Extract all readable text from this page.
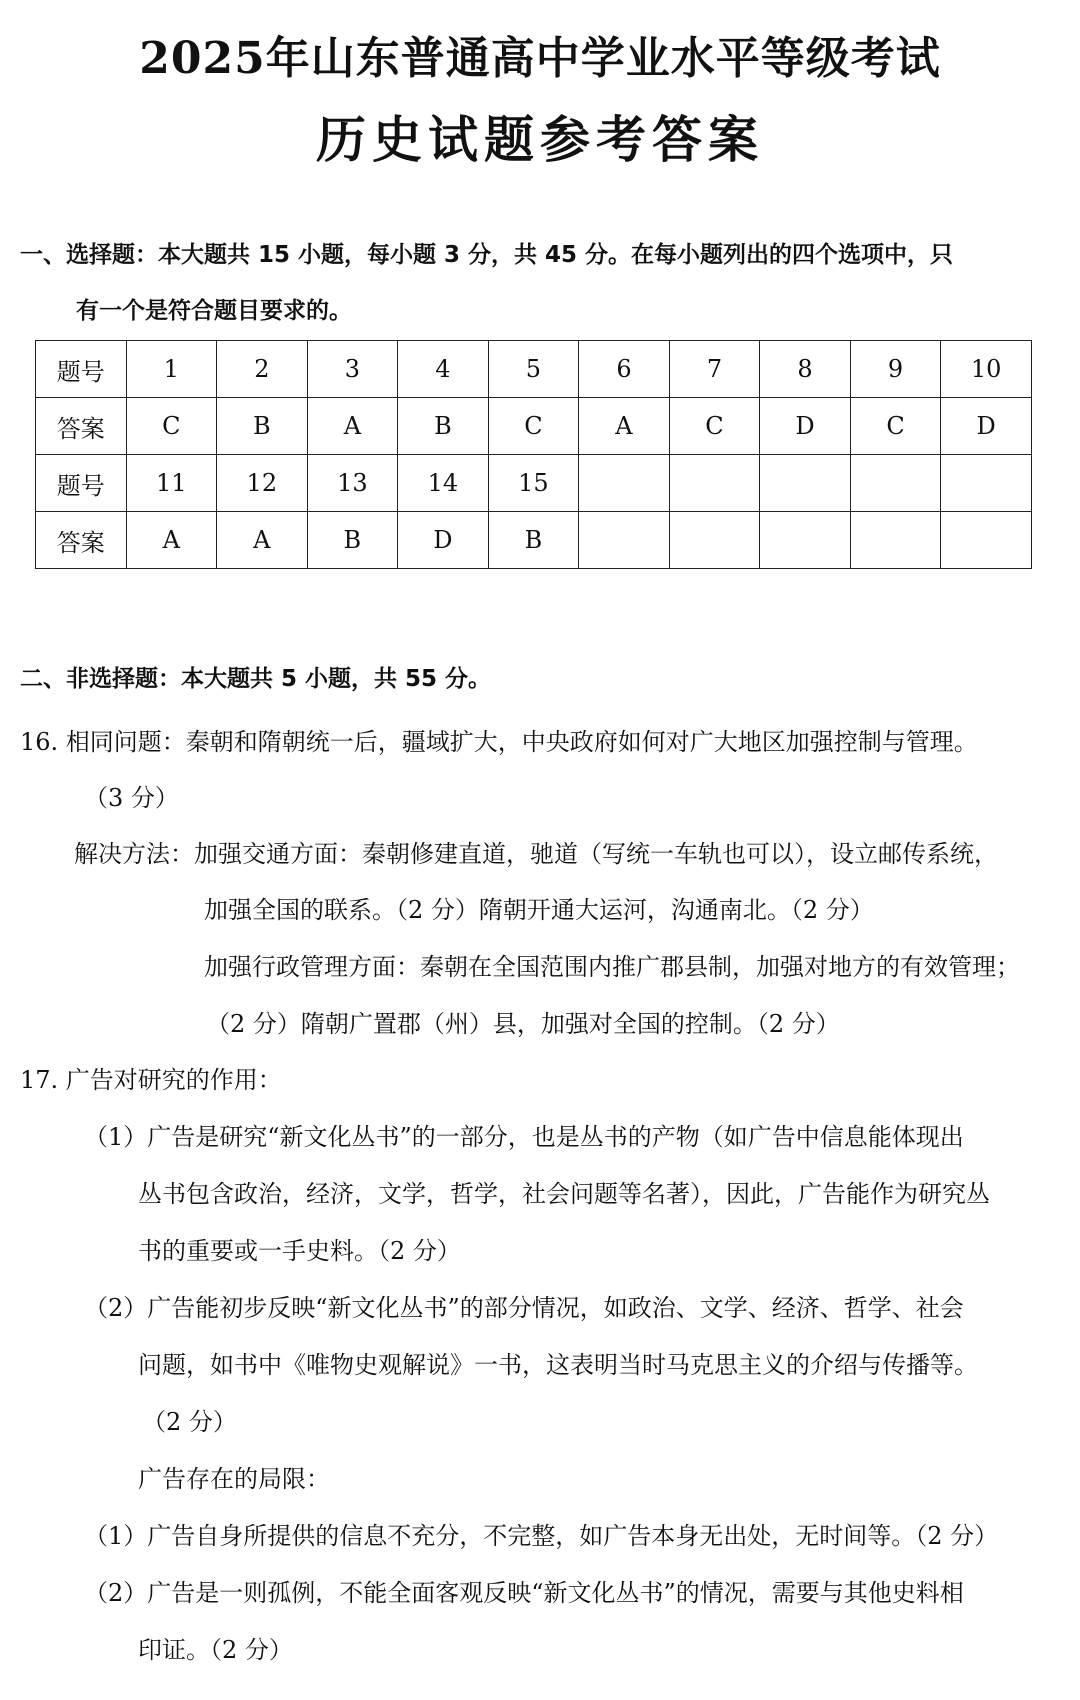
2025年山东普通高中学业水平等级考试
历史试题参考答案
一、选择题：本大题共 15 小题，每小题 3 分，共 45 分。在每小题列出的四个选项中，只
有一个是符合题目要求的。
题号	1	2	3	4	5	6	7	8	9	10
答案	C	B	A	B	C	A	C	D	C	D
题号	11	12	13	14	15					
答案	A	A	B	D	B					
二、非选择题：本大题共 5 小题，共 55 分。
16. 相同问题：秦朝和隋朝统一后，疆域扩大，中央政府如何对广大地区加强控制与管理。
（3 分）
解决方法：加强交通方面：秦朝修建直道，驰道（写统一车轨也可以），设立邮传系统，
加强全国的联系。（2 分）隋朝开通大运河，沟通南北。（2 分）
加强行政管理方面：秦朝在全国范围内推广郡县制，加强对地方的有效管理；
（2 分）隋朝广置郡（州）县，加强对全国的控制。（2 分）
17. 广告对研究的作用：
（1）广告是研究“新文化丛书”的一部分，也是丛书的产物（如广告中信息能体现出
丛书包含政治，经济，文学，哲学，社会问题等名著），因此，广告能作为研究丛
书的重要或一手史料。（2 分）
（2）广告能初步反映“新文化丛书”的部分情况，如政治、文学、经济、哲学、社会
问题，如书中《唯物史观解说》一书，这表明当时马克思主义的介绍与传播等。
（2 分）
广告存在的局限：
（1）广告自身所提供的信息不充分，不完整，如广告本身无出处，无时间等。（2 分）
（2）广告是一则孤例，不能全面客观反映“新文化丛书”的情况，需要与其他史料相
印证。（2 分）
